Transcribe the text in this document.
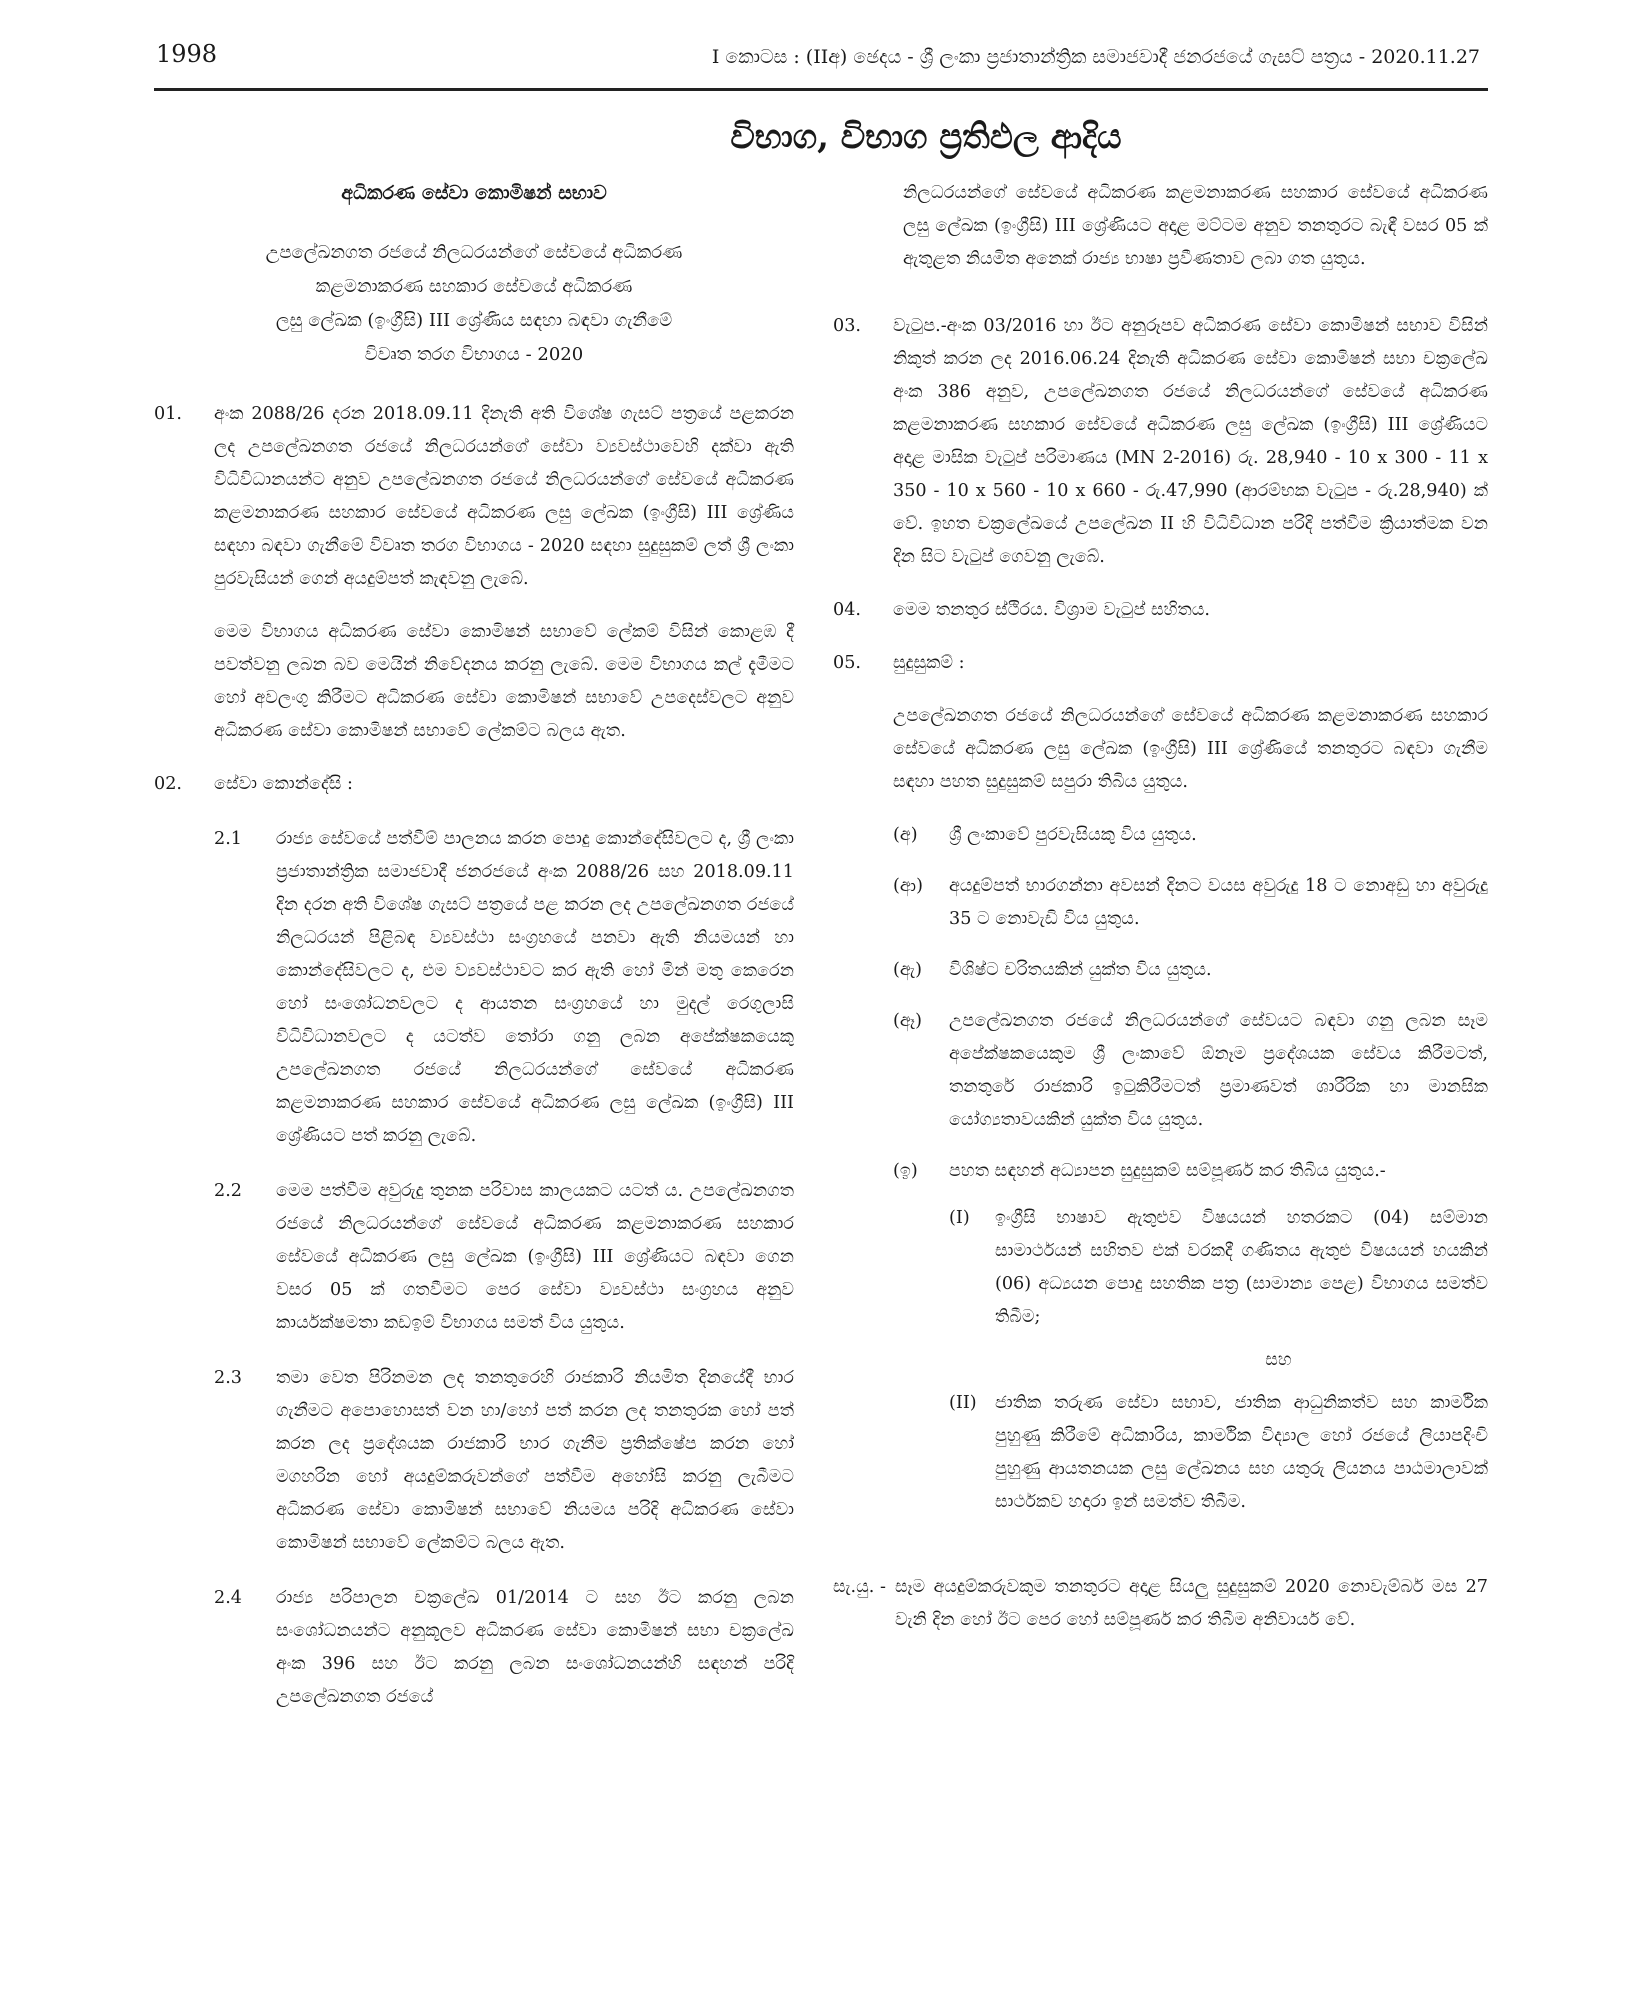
1998	I කොටස : (IIඅ) ඡෙදය - ශ්‍රී ලංකා ප්‍රජාතාන්ත්‍රික සමාජවාදී ජනරජයේ ගැසට් පත්‍රය - 2020.11.27
විභාග, විභාග ප්‍රතිඵල ආදිය
අධිකරණ සේවා කොමිෂන් සභාව
උපලේඛනගත රජයේ නිලධරයන්ගේ සේවයේ අධිකරණ
කළමනාකරණ සහකාර සේවයේ අධිකරණ
ලසු ලේඛක (ඉංග්‍රීසි) III ශ්‍රේණිය සඳහා බඳවා ගැනීමේ
විවෘත තරග විභාගය - 2020
01.	අංක 2088/26 දරන 2018.09.11 දිනැති අති විශේෂ ගැසට් පත්‍රයේ පළකරන ලද උපලේඛනගත රජයේ නිලධරයන්ගේ සේවා ව්‍යවස්ථාවෙහි දක්වා ඇති විධිවිධානයන්ට අනුව උපලේඛනගත රජයේ නිලධරයන්ගේ සේවයේ අධිකරණ කළමනාකරණ සහකාර සේවයේ අධිකරණ ලසු ලේඛක (ඉංග්‍රීසි) III ශ්‍රේණිය සඳහා බඳවා ගැනීමේ විවෘත තරග විභාගය - 2020 සඳහා සුදුසුකම් ලත් ශ්‍රී ලංකා පුරවැසියන් ගෙන් අයදුම්පත් කැඳවනු ලැබේ.

මෙම විභාගය අධිකරණ සේවා කොමිෂන් සභාවේ ලේකම් විසින් කොළඹ දී පවත්වනු ලබන බව මෙයින් නිවේදනය කරනු ලැබේ. මෙම විභාගය කල් දැමීමට හෝ අවලංගු කිරීමට අධිකරණ සේවා කොමිෂන් සභාවේ උපදෙස්වලට අනුව අධිකරණ සේවා කොමිෂන් සභාවේ ලේකම්ට බලය ඇත.

02.	සේවා කොන්දේසි :
2.1	රාජ්‍ය සේවයේ පත්වීම් පාලනය කරන පොදු කොන්දේසිවලට ද, ශ්‍රී ලංකා ප්‍රජාතාන්ත්‍රික සමාජවාදී ජනරජයේ අංක 2088/26 සහ 2018.09.11 දින දරන අති විශේෂ ගැසට් පත්‍රයේ පළ කරන ලද උපලේඛනගත රජයේ නිලධරයන් පිළිබඳ ව්‍යවස්ථා සංග්‍රහයේ පනවා ඇති නියමයන් හා කොන්දේසිවලට ද, එම ව්‍යවස්ථාවට කර ඇති හෝ මින් මතු කෙරෙන හෝ සංශෝධනවලට ද ආයතන සංග්‍රහයේ හා මුදල් රෙගුලාසි විධිවිධානවලට ද යටත්ව තෝරා ගනු ලබන අපේක්ෂකයෙකු උපලේඛනගත රජයේ නිලධරයන්ගේ සේවයේ අධිකරණ කළමනාකරණ සහකාර සේවයේ අධිකරණ ලසු ලේඛක (ඉංග්‍රීසි) III ශ්‍රේණියට පත් කරනු ලැබේ.
2.2	මෙම පත්වීම අවුරුදු තුනක පරිවාස කාලයකට යටත් ය. උපලේඛනගත රජයේ නිලධරයන්ගේ සේවයේ අධිකරණ කළමනාකරණ සහකාර සේවයේ අධිකරණ ලසු ලේඛක (ඉංග්‍රීසි) III ශ්‍රේණියට බඳවා ගෙන වසර 05 ක් ගතවීමට පෙර සේවා ව්‍යවස්ථා සංග්‍රහය අනුව කාර්යක්ෂමතා කඩඉම් විභාගය සමත් විය යුතුය.
2.3	තමා වෙත පිරිනමන ලද තනතුරෙහි රාජකාරි නියමිත දිනයේදී භාර ගැනීමට අපොහොසත් වන හා/හෝ පත් කරන ලද තනතුරක හෝ පත් කරන ලද ප්‍රදේශයක රාජකාරි භාර ගැනීම ප්‍රතික්ෂේප කරන හෝ මගහරින හෝ අයදුම්කරුවන්ගේ පත්වීම අහෝසි කරනු ලැබීමට අධිකරණ සේවා කොමිෂන් සභාවේ නියමය පරිදි අධිකරණ සේවා කොමිෂන් සභාවේ ලේකම්ට බලය ඇත.
2.4	රාජ්‍ය පරිපාලන චක්‍රලේඛ 01/2014 ට සහ ඊට කරනු ලබන සංශෝධනයන්ට අනුකූලව අධිකරණ සේවා කොමිෂන් සභා චක්‍රලේඛ අංක 396 සහ ඊට කරනු ලබන සංශෝධනයන්හි සඳහන් පරිදි උපලේඛනගත රජයේ
නිලධරයන්ගේ සේවයේ අධිකරණ කළමනාකරණ සහකාර සේවයේ අධිකරණ ලසු ලේඛක (ඉංග්‍රීසි) III ශ්‍රේණියට අදාළ මට්ටම අනුව තනතුරට බැඳී වසර 05 ක් ඇතුළත නියමිත අනෙක් රාජ්‍ය භාෂා ප්‍රවීණතාව ලබා ගත යුතුය.
03.	වැටුප.-අංක 03/2016 හා ඊට අනුරූපව අධිකරණ සේවා කොමිෂන් සභාව විසින් නිකුත් කරන ලද 2016.06.24 දිනැති අධිකරණ සේවා කොමිෂන් සභා චක්‍රලේඛ අංක 386 අනුව, උපලේඛනගත රජයේ නිලධරයන්ගේ සේවයේ අධිකරණ කළමනාකරණ සහකාර සේවයේ අධිකරණ ලසු ලේඛක (ඉංග්‍රීසි) III ශ්‍රේණියට අදාළ මාසික වැටුප් පරිමාණය (MN 2-2016) රු. 28,940 - 10 x 300 - 11 x 350 - 10 x 560 - 10 x 660 - රු.47,990 (ආරම්භක වැටුප - රු.28,940) ක් වේ. ඉහත චක්‍රලේඛයේ උපලේඛන II හි විධිවිධාන පරිදි පත්වීම ක්‍රියාත්මක වන දින සිට වැටුප් ගෙවනු ලැබේ.
04.	මෙම තනතුර ස්ථිරය. විශ්‍රාම වැටුප් සහිතය.
05.	සුදුසුකම් :

උපලේඛනගත රජයේ නිලධරයන්ගේ සේවයේ අධිකරණ කළමනාකරණ සහකාර සේවයේ අධිකරණ ලසු ලේඛක (ඉංග්‍රීසි) III ශ්‍රේණියේ තනතුරට බඳවා ගැනීම සඳහා පහත සුදුසුකම් සපුරා තිබිය යුතුය.

(අ)	ශ්‍රී ලංකාවේ පුරවැසියකු විය යුතුය.
(ආ)	අයදුම්පත් භාරගන්නා අවසන් දිනට වයස අවුරුදු 18 ට නොඅඩු හා අවුරුදු 35 ට නොවැඩි විය යුතුය.
(ඇ)	විශිෂ්ට චරිතයකින් යුක්ත විය යුතුය.
(ඈ)	උපලේඛනගත රජයේ නිලධරයන්ගේ සේවයට බඳවා ගනු ලබන සෑම අපේක්ෂකයෙකුම ශ්‍රී ලංකාවේ ඕනෑම ප්‍රදේශයක සේවය කිරීමටත්, තනතුරේ රාජකාරි ඉටුකිරීමටත් ප්‍රමාණවත් ශාරීරික හා මානසික යෝග්‍යතාවයකින් යුක්ත විය යුතුය.
(ඉ)	පහත සඳහන් අධ්‍යාපන සුදුසුකම් සම්පූර්ණ කර තිබිය යුතුය.-
(I)	ඉංග්‍රීසි භාෂාව ඇතුළුව විෂයයන් හතරකට (04) සම්මාන සාමාර්ථයන් සහිතව එක් වරකදී ගණිතය ඇතුළු විෂයයන් හයකින් (06) අධ්‍යයන පොදු සහතික පත්‍ර (සාමාන්‍ය පෙළ) විභාගය සමත්ව තිබීම;
සහ
(II)	ජාතික තරුණ සේවා සභාව, ජාතික ආධුනිකත්ව සහ කාර්මික පුහුණු කිරීමේ අධිකාරිය, කාර්මික විද්‍යාල හෝ රජයේ ලියාපදිංචි පුහුණු ආයතනයක ලසු ලේඛනය සහ යතුරු ලියනය පාඨමාලාවක් සාර්ථකව හදාරා ඉන් සමත්ව තිබීම.
සැ.යු. - සෑම අයදුම්කරුවකුම තනතුරට අදාළ සියලු සුදුසුකම් 2020 නොවැම්බර් මස 27 වැනි දින හෝ ඊට පෙර හෝ සම්පූර්ණ කර තිබීම අනිවාර්ය වේ.
